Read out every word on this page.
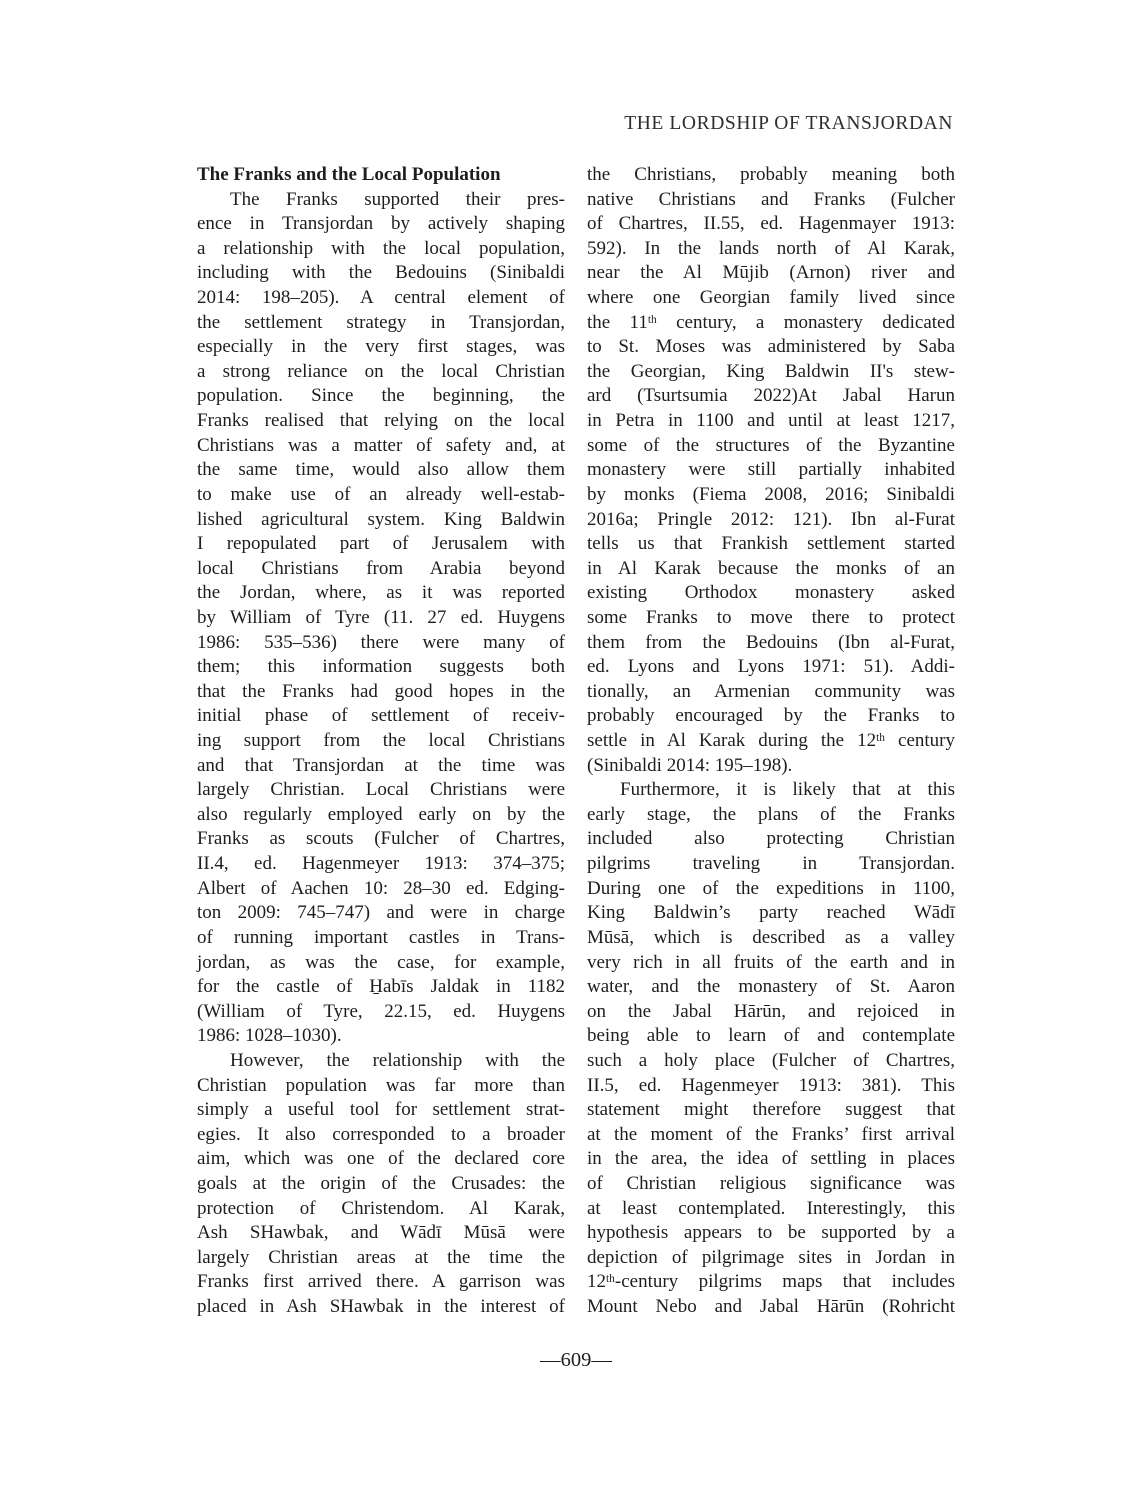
THE LORDSHIP OF TRANSJORDAN
The Franks and the Local Population
The Franks supported their pres-
ence in Transjordan by actively shaping
a relationship with the local population,
including with the Bedouins (Sinibaldi
2014: 198–205). A central element of
the settlement strategy in Transjordan,
especially in the very first stages, was
a strong reliance on the local Christian
population. Since the beginning, the
Franks realised that relying on the local
Christians was a matter of safety and, at
the same time, would also allow them
to make use of an already well-estab-
lished agricultural system. King Baldwin
I repopulated part of Jerusalem with
local Christians from Arabia beyond
the Jordan, where, as it was reported
by William of Tyre (11. 27 ed. Huygens
1986: 535–536) there were many of
them; this information suggests both
that the Franks had good hopes in the
initial phase of settlement of receiv-
ing support from the local Christians
and that Transjordan at the time was
largely Christian. Local Christians were
also regularly employed early on by the
Franks as scouts (Fulcher of Chartres,
II.4, ed. Hagenmeyer 1913: 374–375;
Albert of Aachen 10: 28–30 ed. Edging-
ton 2009: 745–747) and were in charge
of running important castles in Trans-
jordan, as was the case, for example,
for the castle of H̱abīs Jaldak in 1182
(William of Tyre, 22.15, ed. Huygens
1986: 1028–1030).
However, the relationship with the
Christian population was far more than
simply a useful tool for settlement strat-
egies. It also corresponded to a broader
aim, which was one of the declared core
goals at the origin of the Crusades: the
protection of Christendom. Al Karak,
Ash SHawbak, and Wādī Mūsā were
largely Christian areas at the time the
Franks first arrived there. A garrison was
placed in Ash SHawbak in the interest of
the Christians, probably meaning both
native Christians and Franks (Fulcher
of Chartres, II.55, ed. Hagenmayer 1913:
592). In the lands north of Al Karak,
near the Al Mūjib (Arnon) river and
where one Georgian family lived since
the 11th century, a monastery dedicated
to St. Moses was administered by Saba
the Georgian, King Baldwin II's stew-
ard (Tsurtsumia 2022)At Jabal Harun
in Petra in 1100 and until at least 1217,
some of the structures of the Byzantine
monastery were still partially inhabited
by monks (Fiema 2008, 2016; Sinibaldi
2016a; Pringle 2012: 121). Ibn al-Furat
tells us that Frankish settlement started
in Al Karak because the monks of an
existing Orthodox monastery asked
some Franks to move there to protect
them from the Bedouins (Ibn al-Furat,
ed. Lyons and Lyons 1971: 51). Addi-
tionally, an Armenian community was
probably encouraged by the Franks to
settle in Al Karak during the 12th century
(Sinibaldi 2014: 195–198).
Furthermore, it is likely that at this
early stage, the plans of the Franks
included also protecting Christian
pilgrims traveling in Transjordan.
During one of the expeditions in 1100,
King Baldwin’s party reached Wādī
Mūsā, which is described as a valley
very rich in all fruits of the earth and in
water, and the monastery of St. Aaron
on the Jabal Hārūn, and rejoiced in
being able to learn of and contemplate
such a holy place (Fulcher of Chartres,
II.5, ed. Hagenmeyer 1913: 381). This
statement might therefore suggest that
at the moment of the Franks’ first arrival
in the area, the idea of settling in places
of Christian religious significance was
at least contemplated. Interestingly, this
hypothesis appears to be supported by a
depiction of pilgrimage sites in Jordan in
12th-century pilgrims maps that includes
Mount Nebo and Jabal Hārūn (Rohricht
—609—
